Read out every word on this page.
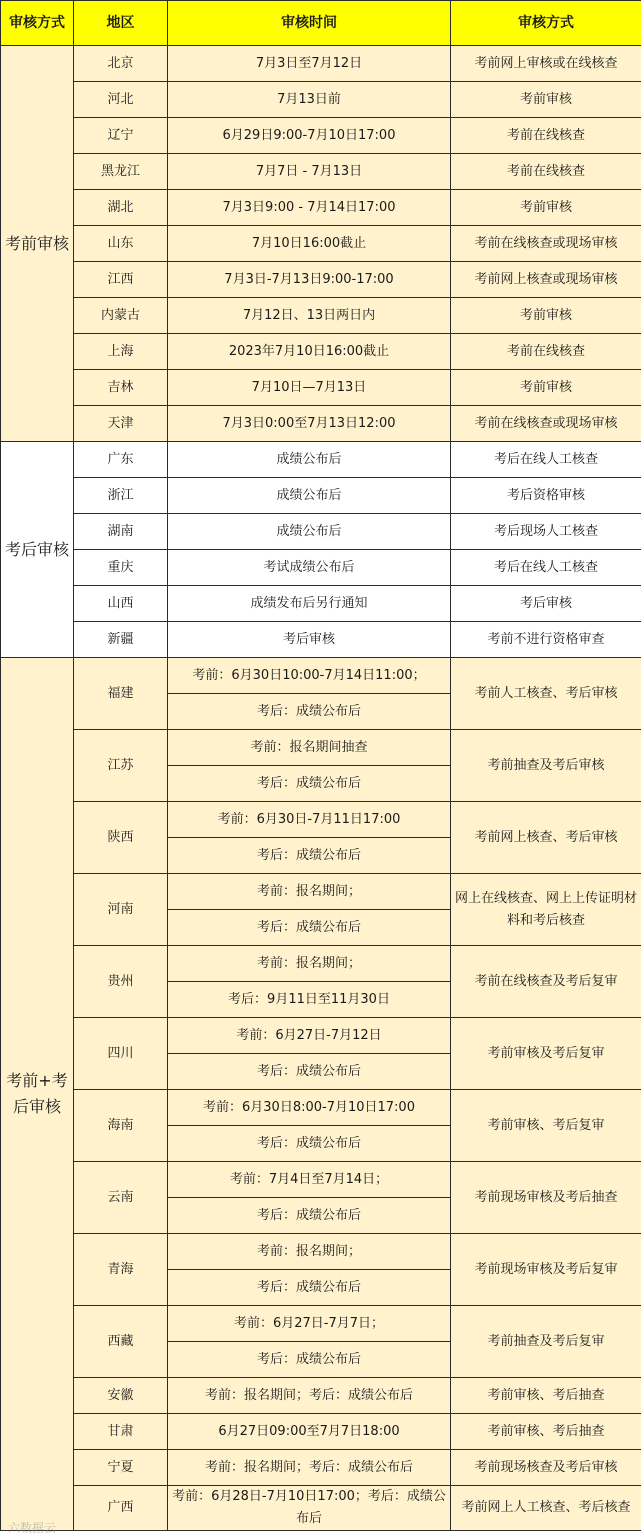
审核方式	地区	审核时间	审核方式
考前审核	北京	7月3日至7月12日	考前网上审核或在线核查
	河北	7月13日前	考前审核
	辽宁	6月29日9:00-7月10日17:00	考前在线核查
	黑龙江	7月7日 - 7月13日	考前在线核查
	湖北	7月3日9:00 - 7月14日17:00	考前审核
	山东	7月10日16:00截止	考前在线核查或现场审核
	江西	7月3日-7月13日9:00-17:00	考前网上核查或现场审核
	内蒙古	7月12日、13日两日内	考前审核
	上海	2023年7月10日16:00截止	考前在线核查
	吉林	7月10日—7月13日	考前审核
	天津	7月3日0:00至7月13日12:00	考前在线核查或现场审核
考后审核	广东	成绩公布后	考后在线人工核查
	浙江	成绩公布后	考后资格审核
	湖南	成绩公布后	考后现场人工核查
	重庆	考试成绩公布后	考后在线人工核查
	山西	成绩发布后另行通知	考后审核
	新疆	考后审核	考前不进行资格审查
考前+考后审核	福建	考前：6月30日10:00-7月14日11:00；	考前人工核查、考后审核
		考后：成绩公布后	
	江苏	考前：报名期间抽查	考前抽查及考后审核
		考后：成绩公布后	
	陕西	考前：6月30日-7月11日17:00	考前网上核查、考后审核
		考后：成绩公布后	
	河南	考前：报名期间；	网上在线核查、网上上传证明材料和考后核查
		考后：成绩公布后	
	贵州	考前：报名期间；	考前在线核查及考后复审
		考后：9月11日至11月30日	
	四川	考前：6月27日-7月12日	考前审核及考后复审
		考后：成绩公布后	
	海南	考前：6月30日8:00-7月10日17:00	考前审核、考后复审
		考后：成绩公布后	
	云南	考前：7月4日至7月14日；	考前现场审核及考后抽查
		考后：成绩公布后	
	青海	考前：报名期间；	考前现场审核及考后复审
		考后：成绩公布后	
	西藏	考前：6月27日-7月7日；	考前抽查及考后复审
		考后：成绩公布后	
	安徽	考前：报名期间；考后：成绩公布后	考前审核、考后抽查
	甘肃	6月27日09:00至7月7日18:00	考前审核、考后抽查
	宁夏	考前：报名期间；考后：成绩公布后	考前现场核查及考后审核
	广西	考前：6月28日-7月10日17:00；考后：成绩公布后	考前网上人工核查、考后核查
六数据云
